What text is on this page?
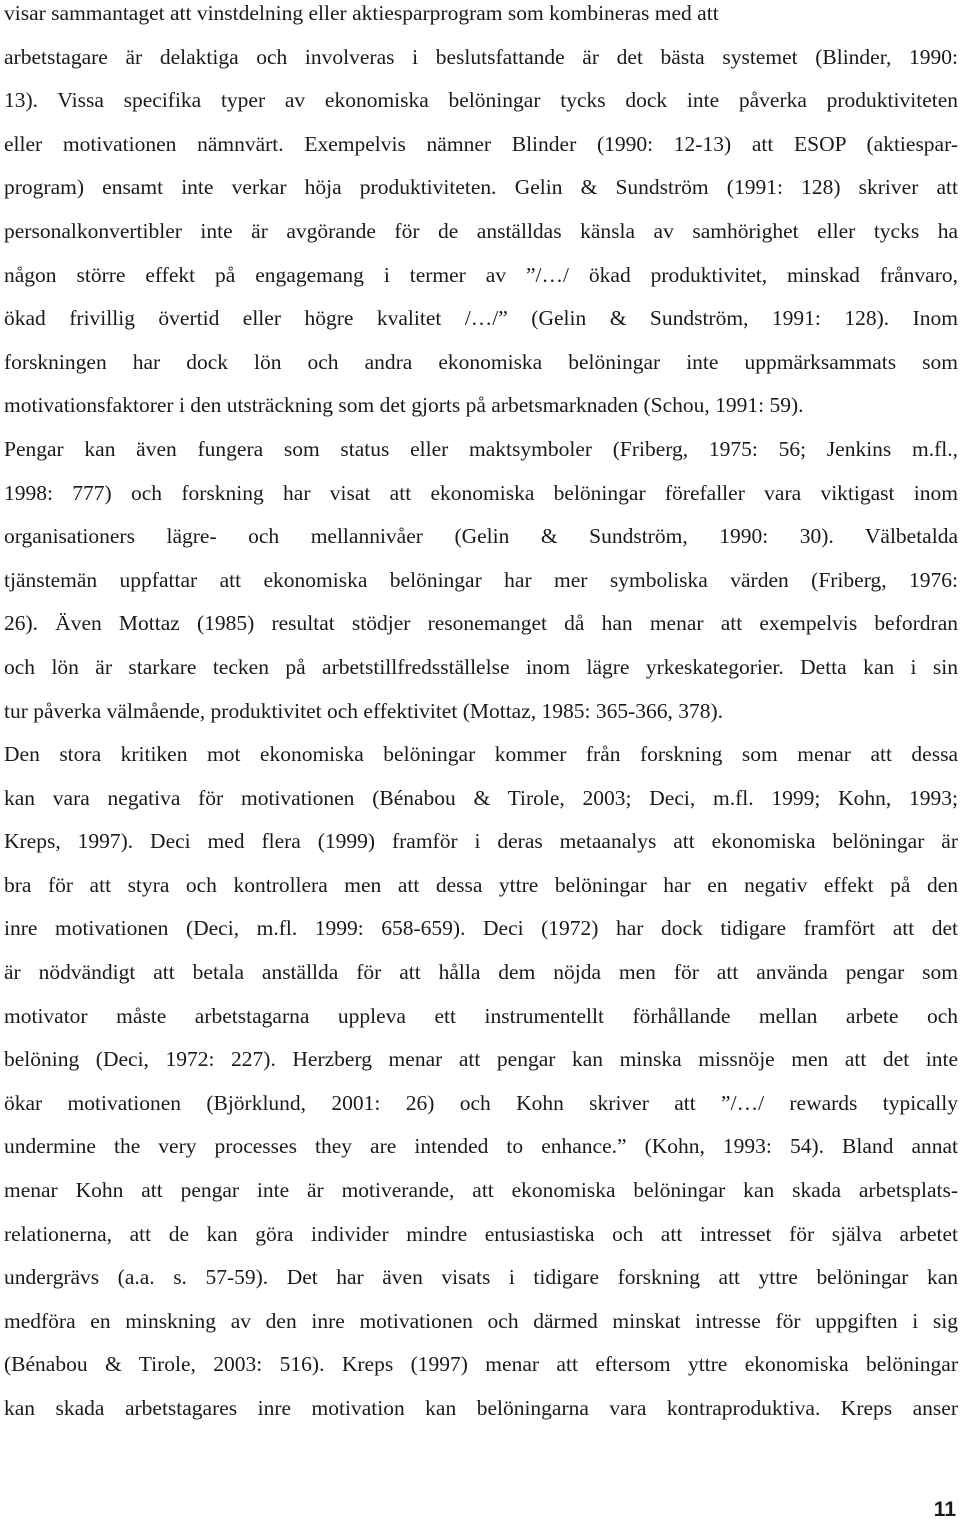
visar sammantaget att vinstdelning eller aktiesparprogram som kombineras med att
arbetstagare är delaktiga och involveras i beslutsfattande är det bästa systemet (Blinder, 1990:
13). Vissa specifika typer av ekonomiska belöningar tycks dock inte påverka produktiviteten
eller motivationen nämnvärt. Exempelvis nämner Blinder (1990: 12-13) att ESOP (aktiespar-
program) ensamt inte verkar höja produktiviteten. Gelin & Sundström (1991: 128) skriver att
personalkonvertibler inte är avgörande för de anställdas känsla av samhörighet eller tycks ha
någon större effekt på engagemang i termer av ”/…/ ökad produktivitet, minskad frånvaro,
ökad frivillig övertid eller högre kvalitet /…/” (Gelin & Sundström, 1991: 128). Inom
forskningen har dock lön och andra ekonomiska belöningar inte uppmärksammats som
motivationsfaktorer i den utsträckning som det gjorts på arbetsmarknaden (Schou, 1991: 59).
Pengar kan även fungera som status eller maktsymboler (Friberg, 1975: 56; Jenkins m.fl.,
1998: 777) och forskning har visat att ekonomiska belöningar förefaller vara viktigast inom
organisationers lägre- och mellannivåer (Gelin & Sundström, 1990: 30). Välbetalda
tjänstemän uppfattar att ekonomiska belöningar har mer symboliska värden (Friberg, 1976:
26). Även Mottaz (1985) resultat stödjer resonemanget då han menar att exempelvis befordran
och lön är starkare tecken på arbetstillfredsställelse inom lägre yrkeskategorier. Detta kan i sin
tur påverka välmående, produktivitet och effektivitet (Mottaz, 1985: 365-366, 378).
Den stora kritiken mot ekonomiska belöningar kommer från forskning som menar att dessa
kan vara negativa för motivationen (Bénabou & Tirole, 2003; Deci, m.fl. 1999; Kohn, 1993;
Kreps, 1997). Deci med flera (1999) framför i deras metaanalys att ekonomiska belöningar är
bra för att styra och kontrollera men att dessa yttre belöningar har en negativ effekt på den
inre motivationen (Deci, m.fl. 1999: 658-659). Deci (1972) har dock tidigare framfört att det
är nödvändigt att betala anställda för att hålla dem nöjda men för att använda pengar som
motivator måste arbetstagarna uppleva ett instrumentellt förhållande mellan arbete och
belöning (Deci, 1972: 227). Herzberg menar att pengar kan minska missnöje men att det inte
ökar motivationen (Björklund, 2001: 26) och Kohn skriver att ”/…/ rewards typically
undermine the very processes they are intended to enhance.” (Kohn, 1993: 54). Bland annat
menar Kohn att pengar inte är motiverande, att ekonomiska belöningar kan skada arbetsplats-
relationerna, att de kan göra individer mindre entusiastiska och att intresset för själva arbetet
undergrävs (a.a. s. 57-59). Det har även visats i tidigare forskning att yttre belöningar kan
medföra en minskning av den inre motivationen och därmed minskat intresse för uppgiften i sig
(Bénabou & Tirole, 2003: 516). Kreps (1997) menar att eftersom yttre ekonomiska belöningar
kan skada arbetstagares inre motivation kan belöningarna vara kontraproduktiva. Kreps anser
11
